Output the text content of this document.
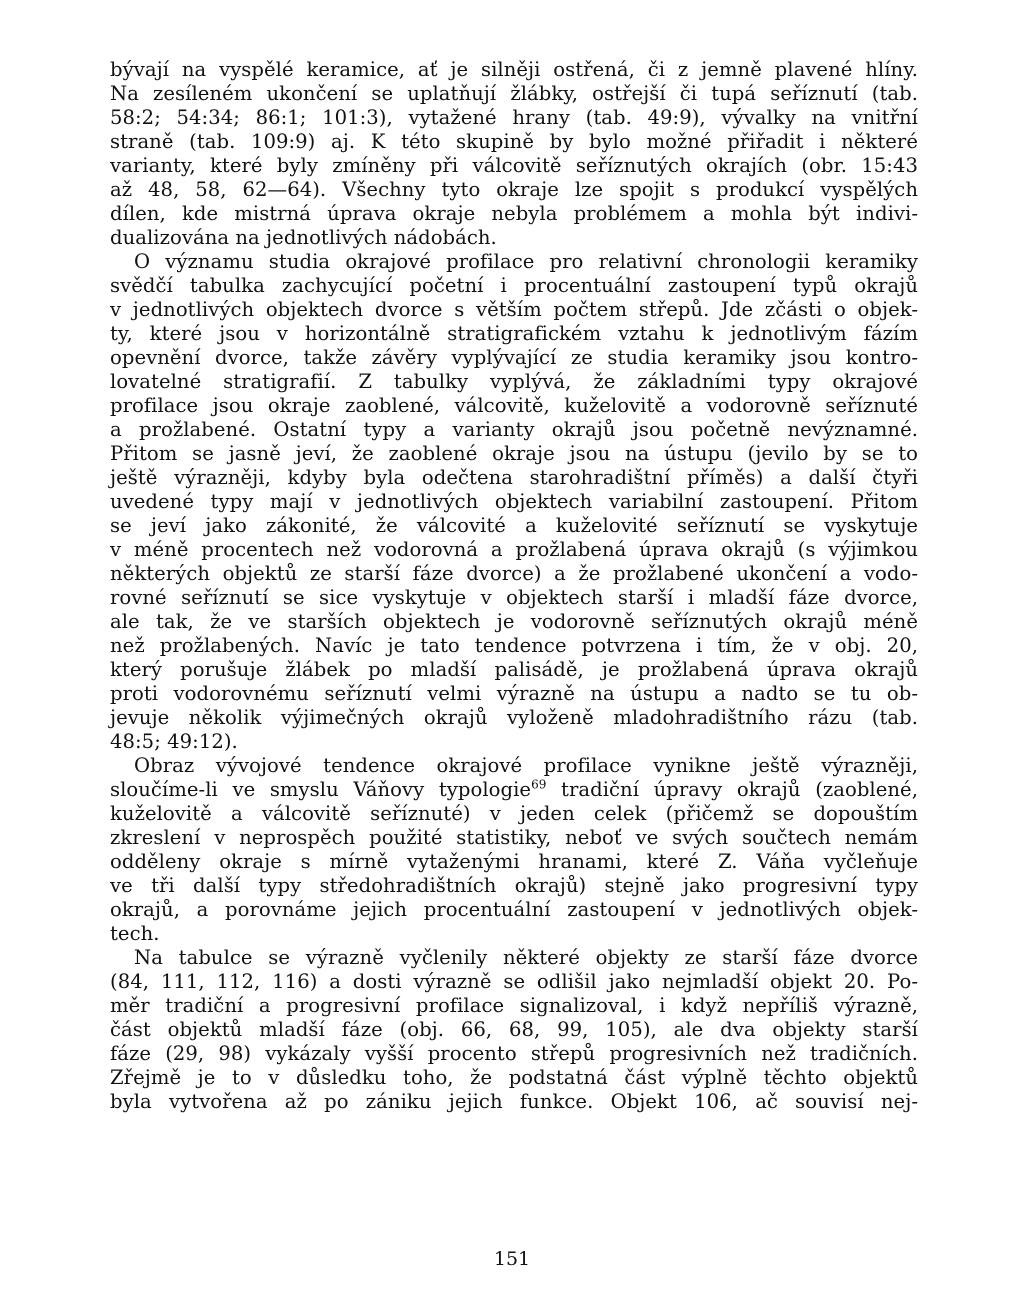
bývají na vyspělé keramice, ať je silněji ostřená, či z jemně plavené hlíny.
Na zesíleném ukončení se uplatňují žlábky, ostřejší či tupá seříznutí (tab.
58:2; 54:34; 86:1; 101:3), vytažené hrany (tab. 49:9), vývalky na vnitřní
straně (tab. 109:9) aj. K této skupině by bylo možné přiřadit i některé
varianty, které byly zmíněny při válcovitě seříznutých okrajích (obr. 15:43
až 48, 58, 62—64). Všechny tyto okraje lze spojit s produkcí vyspělých
dílen, kde mistrná úprava okraje nebyla problémem a mohla být indivi-
dualizována na jednotlivých nádobách.
O významu studia okrajové profilace pro relativní chronologii keramiky
svědčí tabulka zachycující početní i procentuální zastoupení typů okrajů
v jednotlivých objektech dvorce s větším počtem střepů. Jde zčásti o objek-
ty, které jsou v horizontálně stratigrafickém vztahu k jednotlivým fázím
opevnění dvorce, takže závěry vyplývající ze studia keramiky jsou kontro-
lovatelné stratigrafií. Z tabulky vyplývá, že základními typy okrajové
profilace jsou okraje zaoblené, válcovitě, kuželovitě a vodorovně seříznuté
a prožlabené. Ostatní typy a varianty okrajů jsou početně nevýznamné.
Přitom se jasně jeví, že zaoblené okraje jsou na ústupu (jevilo by se to
ještě výrazněji, kdyby byla odečtena starohradištní příměs) a další čtyři
uvedené typy mají v jednotlivých objektech variabilní zastoupení. Přitom
se jeví jako zákonité, že válcovité a kuželovité seříznutí se vyskytuje
v méně procentech než vodorovná a prožlabená úprava okrajů (s výjimkou
některých objektů ze starší fáze dvorce) a že prožlabené ukončení a vodo-
rovné seříznutí se sice vyskytuje v objektech starší i mladší fáze dvorce,
ale tak, že ve starších objektech je vodorovně seříznutých okrajů méně
než prožlabených. Navíc je tato tendence potvrzena i tím, že v obj. 20,
který porušuje žlábek po mladší palisádě, je prožlabená úprava okrajů
proti vodorovnému seříznutí velmi výrazně na ústupu a nadto se tu ob-
jevuje několik výjimečných okrajů vyloženě mladohradištního rázu (tab.
48:5; 49:12).
Obraz vývojové tendence okrajové profilace vynikne ještě výrazněji,
sloučíme-li ve smyslu Váňovy typologie$^{69}$ tradiční úpravy okrajů (zaoblené,
kuželovitě a válcovitě seříznuté) v jeden celek (přičemž se dopouštím
zkreslení v neprospěch použité statistiky, neboť ve svých součtech nemám
odděleny okraje s mírně vytaženými hranami, které Z. Váňa vyčleňuje
ve tři další typy středohradištních okrajů) stejně jako progresivní typy
okrajů, a porovnáme jejich procentuální zastoupení v jednotlivých objek-
tech.
Na tabulce se výrazně vyčlenily některé objekty ze starší fáze dvorce
(84, 111, 112, 116) a dosti výrazně se odlišil jako nejmladší objekt 20. Po-
měr tradiční a progresivní profilace signalizoval, i když nepříliš výrazně,
část objektů mladší fáze (obj. 66, 68, 99, 105), ale dva objekty starší
fáze (29, 98) vykázaly vyšší procento střepů progresivních než tradičních.
Zřejmě je to v důsledku toho, že podstatná část výplně těchto objektů
byla vytvořena až po zániku jejich funkce. Objekt 106, ač souvisí nej-
151
